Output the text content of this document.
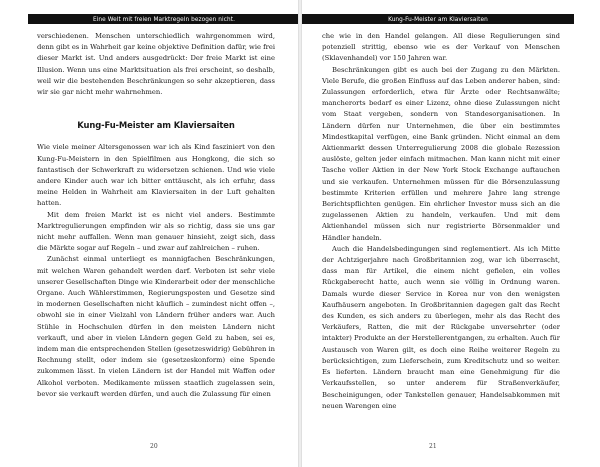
Eine Welt mit freien Marktregeln bezogen nicht.

verschiedenen. Menschen unterschiedlich wahrgenommen wird, denn gibt es in Wahrheit gar keine objektive Definition dafür, wie frei dieser Markt ist. Und anders ausgedrückt: Der freie Markt ist eine Illusion. Wenn uns eine Marktsituation als frei erscheint, so deshalb, weil wir die bestehenden Beschränkungen so sehr akzeptieren, dass wir sie gar nicht mehr wahrnehmen.

Kung-Fu-Meister am Klaviersaiten

Wie viele meiner Altersgenossen war ich als Kind fasziniert von den Kung-Fu-Meistern in den Spielfilmen aus Hongkong, die sich so fantastisch der Schwerkraft zu widersetzen schienen. Und wie viele andere Kinder auch war ich bitter enttäuscht, als ich erfuhr, dass meine Helden in Wahrheit am Klaviersaiten in der Luft gehalten hatten.

Mit dem freien Markt ist es nicht viel anders. Bestimmte Marktregulierungen empfinden wir als so richtig, dass sie uns gar nicht mehr auffallen. Wenn man genauer hinsieht, zeigt sich, dass die Märkte sogar auf Regeln – und zwar auf zahlreichen – ruhen.

Zunächst einmal unterliegt es mannigfachen Beschränkungen, mit welchen Waren gehandelt werden darf. Verboten ist sehr viele unserer Gesellschaften Dinge wie Kinderarbeit oder der menschliche Organe. Auch Wählerstimmen, Regierungsposten und Gesetze sind in modernen Gesellschaften nicht käuflich – zumindest nicht offen –, obwohl sie in einer Vielzahl von Ländern früher anders war. Auch Stühle in Hochschulen dürfen in den meisten Ländern nicht verkauft, und aber in vielen Ländern gegen Geld zu haben, sei es, indem man die entsprechenden Stellen (gesetzeswidrig) Gebühren in Rechnung stellt, oder indem sie (gesetzeskonform) eine Spende zukommen lässt. In vielen Ländern ist der Handel mit Waffen oder Alkohol verboten. Medikamente müssen staatlich zugelassen sein, bevor sie verkauft werden dürfen, und auch die Zulassung für einen

20
Kung-Fu-Meister am Klaviersaiten

che wie in den Handel gelangen. All diese Regulierungen sind potenziell strittig, ebenso wie es der Verkauf von Menschen (Sklavenhandel) vor 150 Jahren war.

Beschränkungen gibt es auch bei der Zugang zu den Märkten. Viele Berufe, die großen Einfluss auf das Leben anderer haben, sind: Zulassungen erforderlich, etwa für Ärzte oder Rechtsanwälte; mancherorts bedarf es einer Lizenz, ohne diese Zulassungen nicht vom Staat vergeben, sondern von Standesorganisationen. In Ländern dürfen nur Unternehmen, die über ein bestimmtes Mindestkapital verfügen, eine Bank gründen. Nicht einmal an dem Aktienmarkt dessen Unterregulierung 2008 die globale Rezession auslöste, gelten jeder einfach mitmachen. Man kann nicht mit einer Tasche voller Aktien in der New York Stock Exchange auftauchen und sie verkaufen. Unternehmen müssen für die Börsenzulassung bestimmte Kriterien erfüllen und mehrere Jahre lang strenge Berichtspflichten genügen. Ein ehrlicher Investor muss sich an die zugelassenen Aktien zu handeln, verkaufen. Und mit dem Aktienhandel müssen sich nur registrierte Börsenmakler und Händler handeln.

Auch die Handelsbedingungen sind reglementiert. Als ich Mitte der Achtzigerjahre nach Großbritannien zog, war ich überrascht, dass man für Artikel, die einem nicht gefielen, ein volles Rückgaberecht hatte, auch wenn sie völlig in Ordnung waren. Damals wurde dieser Service in Korea nur von den wenigsten Kaufhäusern angeboten. In Großbritannien dagegen galt das Recht des Kunden, es sich anders zu überlegen, mehr als das Recht des Verkäufers, Ratten, die mit der Rückgabe unversehrter (oder intakter) Produkte an der Herstellerentgangen, zu erhalten. Auch für Austausch von Waren gilt, es doch eine Reihe weiterer Regeln zu berücksichtigen, zum Lieferschein, zum Kreditschutz und so weiter. Es lieferten. Ländern braucht man eine Genehmigung für die Verkaufsstellen, so unter anderem für Straßenverkäufer, Bescheinigungen, oder Tankstellen genauer, Handelsabkommen mit neuen Warengen eine

21
